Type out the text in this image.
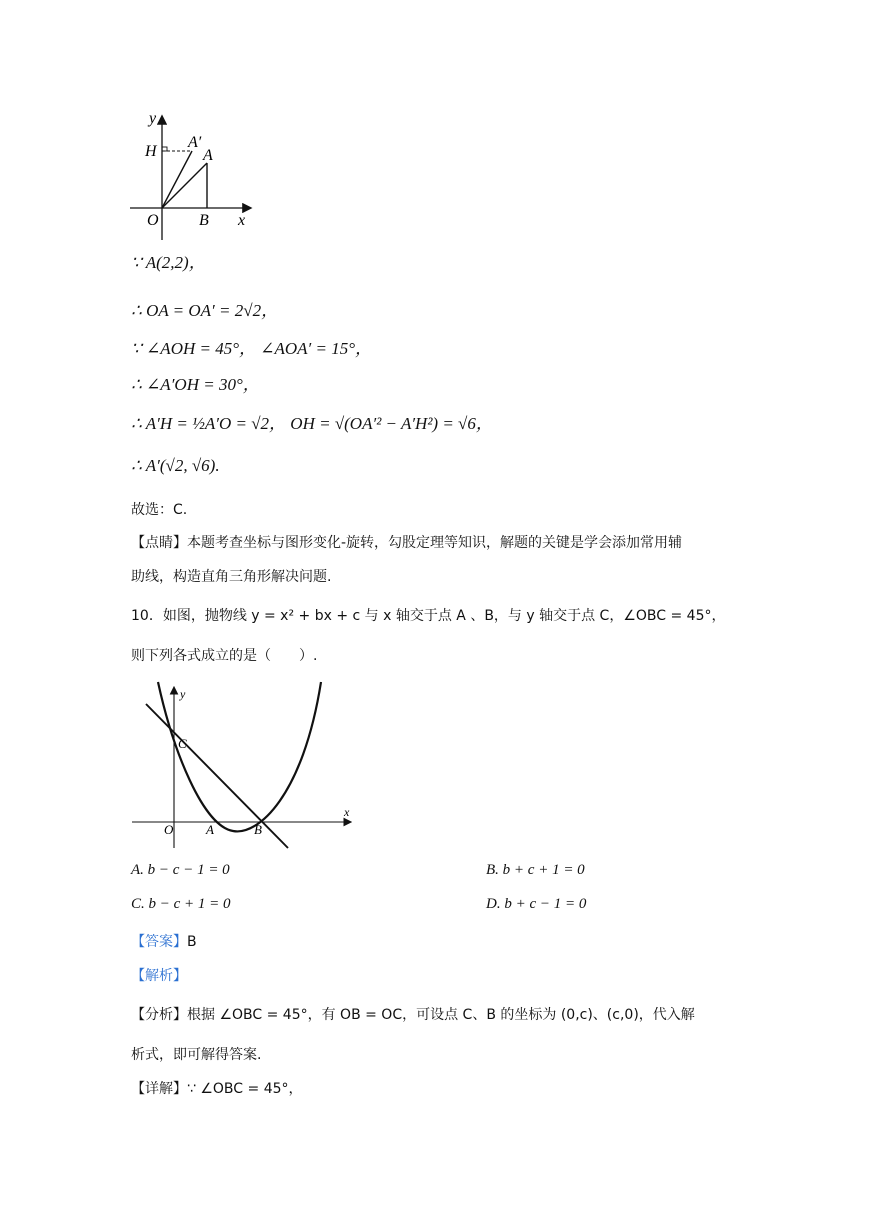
y
x
O	B
H
A′
A
∵ A(2,2)，
∴ OA = OA′ = 2√2，
∵ ∠AOH = 45°， ∠AOA′ = 15°，
∴ ∠A′OH = 30°，
∴ A′H = ½A′O = √2， OH = √(OA′² − A′H²) = √6，
∴ A′(√2, √6).
故选：C.
【点睛】本题考查坐标与图形变化-旋转，勾股定理等知识，解题的关键是学会添加常用辅
助线，构造直角三角形解决问题.
10．如图，抛物线 y = x² + bx + c 与 x 轴交于点 A 、B，与 y 轴交于点 C，∠OBC = 45°，
则下列各式成立的是（　　）.
y
x
C
O	A	B
A. b − c − 1 = 0	B. b + c + 1 = 0
C. b − c + 1 = 0	D. b + c − 1 = 0
【答案】B
【解析】
【分析】根据 ∠OBC = 45°，有 OB = OC，可设点 C、B 的坐标为 (0,c)、(c,0)，代入解
析式，即可解得答案.
【详解】∵ ∠OBC = 45°，
